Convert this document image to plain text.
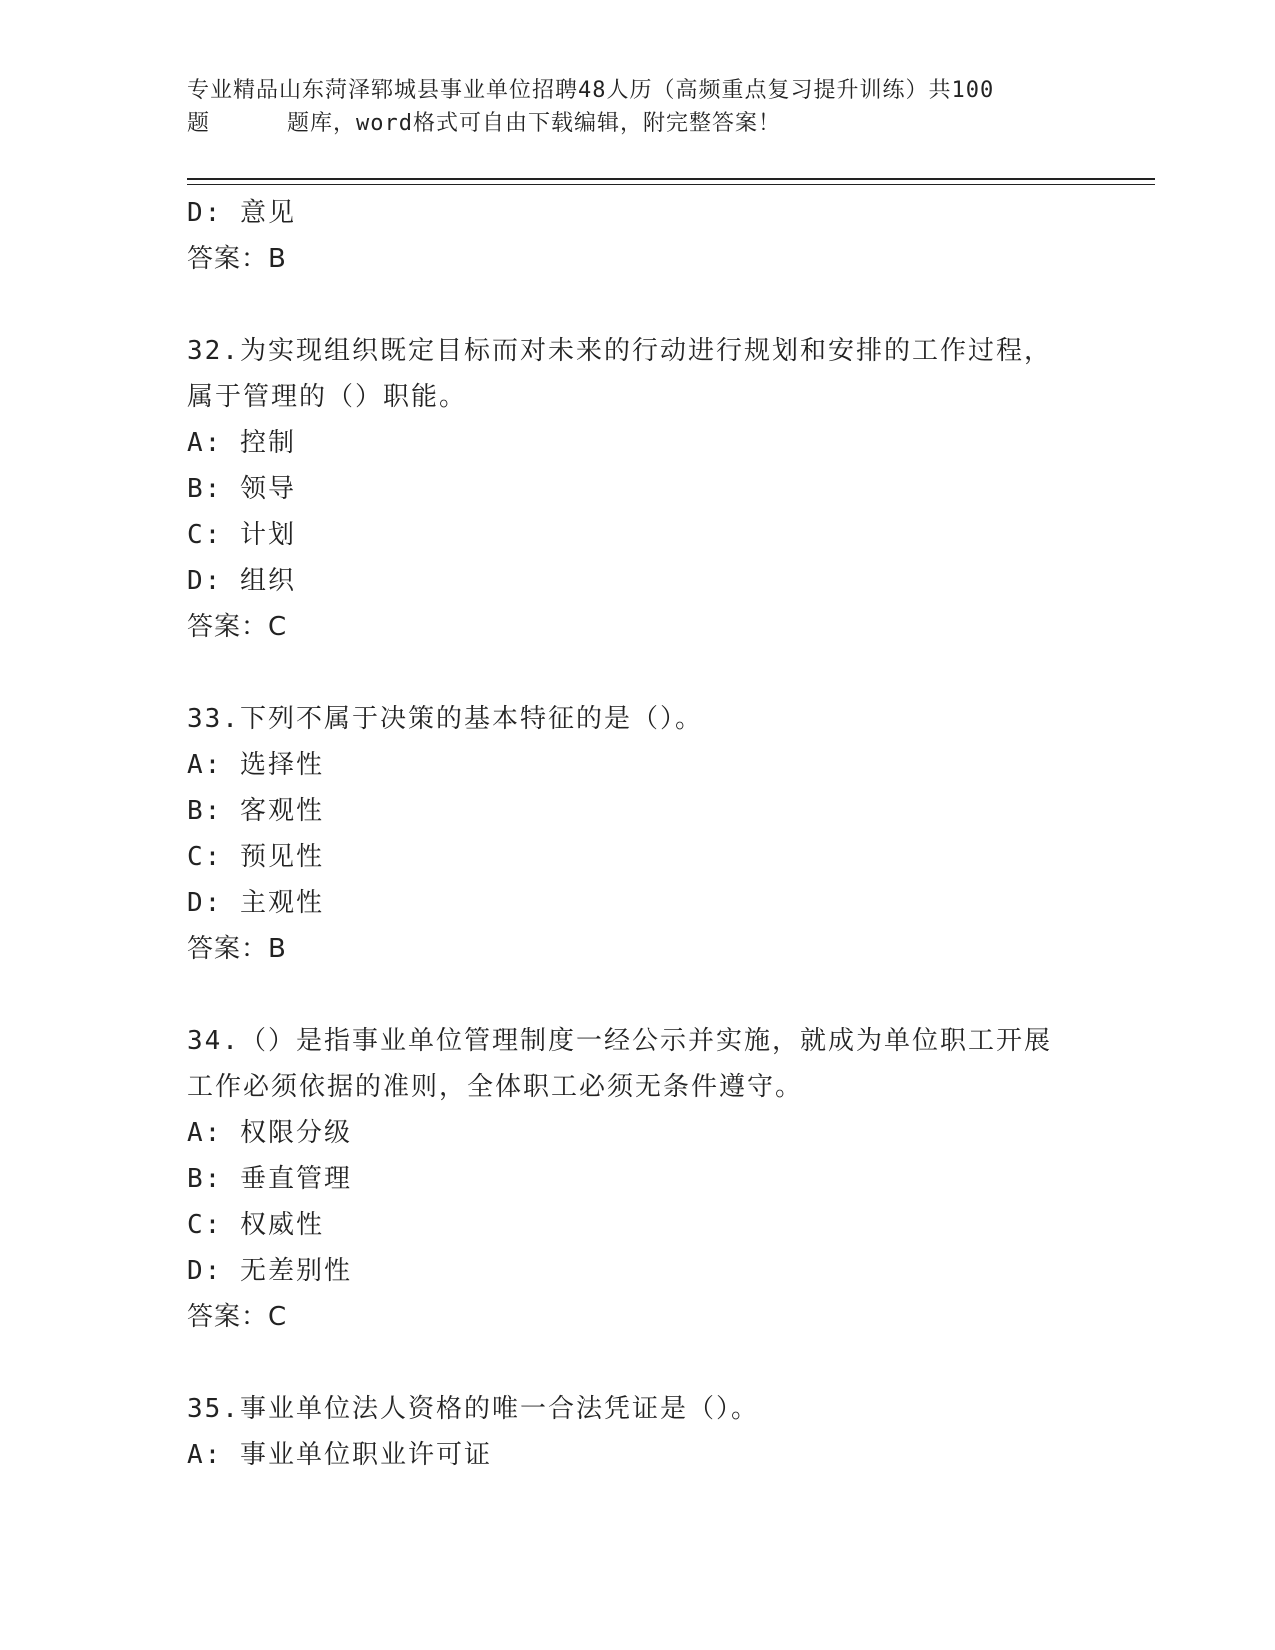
专业精品山东菏泽郓城县事业单位招聘48人历（高频重点复习提升训练）共100
题	题库，word格式可自由下载编辑，附完整答案！
D: 意见
答案：B
32.为实现组织既定目标而对未来的行动进行规划和安排的工作过程，
属于管理的（）职能。
A: 控制
B: 领导
C: 计划
D: 组织
答案：C
33.下列不属于决策的基本特征的是（）。
A: 选择性
B: 客观性
C: 预见性
D: 主观性
答案：B
34.（）是指事业单位管理制度一经公示并实施，就成为单位职工开展
工作必须依据的准则，全体职工必须无条件遵守。
A: 权限分级
B: 垂直管理
C: 权威性
D: 无差别性
答案：C
35.事业单位法人资格的唯一合法凭证是（）。
A: 事业单位职业许可证
